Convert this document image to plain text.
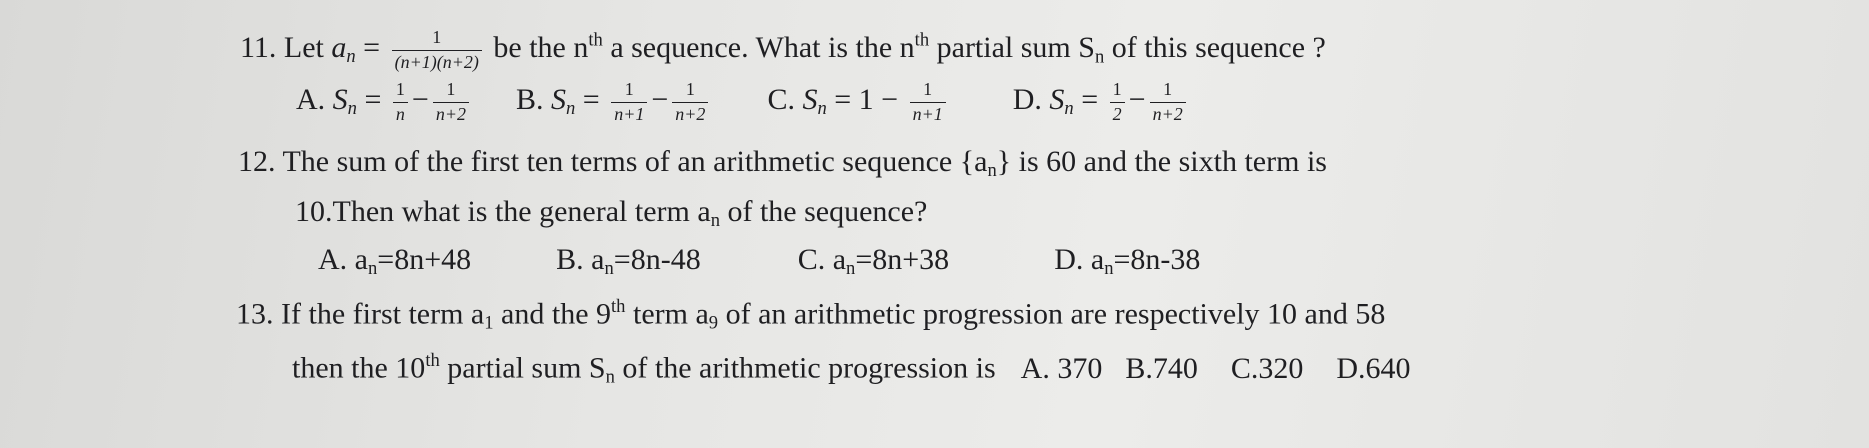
11. Let $a_n = \frac{1}{(n+1)(n+2)}$ be the $n^{th}$ a sequence. What is the $n^{th}$ partial sum $S_n$ of this sequence ?
A. $S_n = \frac{1}{n} - \frac{1}{n+2} B$. $S_n = \frac{1}{n+1} - \frac{1}{n+2} C$. $S_n = 1 - \frac{1}{n+1} D$. $S_n = \frac{1}{2} - \frac{1}{n+2}$
12. The sum of the first ten terms of an arithmetic sequence $\{a_n\}$ is 60 and the sixth term is
10.Then what is the general term $a_n$ of the sequence?
A. $a_n=8n+48$	B. $a_n=8n-48$	C. $a_n=8n+38$	D. $a_n=8n-38$
13. If the first term $a_1$ and the 9th term $a_9$ of an arithmetic progression are respectively 10 and 58
then the 10th partial sum $S_n$ of the arithmetic progression is A. 370 B.740 C.320 D.640
